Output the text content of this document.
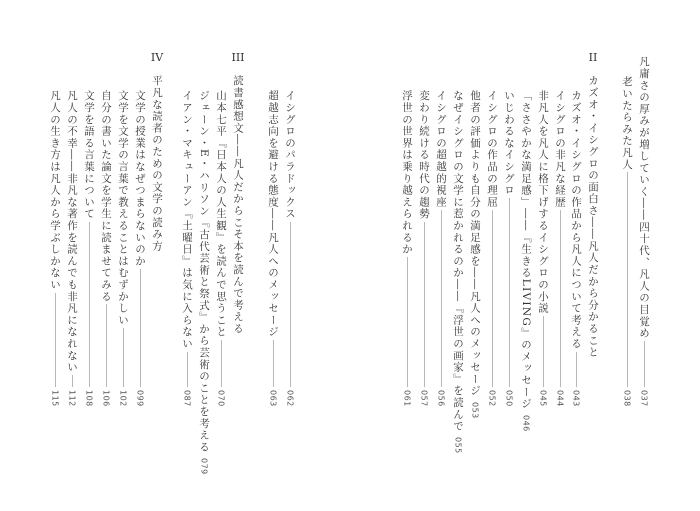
凡庸さの厚みが増していく――四十代、凡人の目覚め
037
老いたらみた凡人
038
II
カズオ・イシグロの面白さ――凡人だから分かること
カズオ・イシグロの作品から凡人について考える
043
イシグロの非凡な経歴
044
非凡人を凡人に格下げするイシグロの小説
045
「ささやかな満足感」――『生きるLIVING』のメッセージ
046
いじわるなイシグロ
050
イシグロの作品の理屈
052
他者の評価よりも自分の満足感を――凡人へのメッセージ
053
なぜイシグロの文学に惹かれるのか――『浮世の画家』を読んで
055
イシグロの超越的視座
056
変わり続ける時代の趨勢
057
浮世の世界は乗り越えられるか
061
イシグロのパラドックス
062
超越志向を避ける態度――凡人へのメッセージ
063
III
読書感想文――凡人だからこそ本を読んで考える
山本七平『日本人の人生観』を読んで思うこと
070
ジェーン・E・ハリソン『古代芸術と祭式』から芸術のことを考える
079
イアン・マキューアン『土曜日』は気に入らない
087
IV
平凡な読者のための文学の読み方
文学の授業はなぜつまらないのか
099
文学を文学の言葉で教えることはむずかしい
102
自分の書いた論文を学生に読ませてみる
106
文学を語る言葉について
108
凡人の不幸――非凡な著作を読んでも非凡になれない
112
凡人の生き方は凡人から学ぶしかない
115
